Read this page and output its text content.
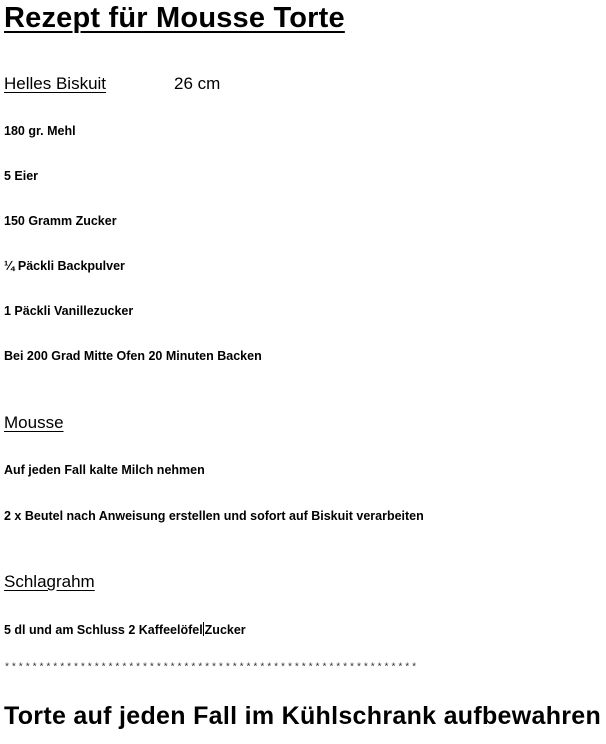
Rezept für Mousse Torte
Helles Biskuit	26 cm
180 gr. Mehl
5 Eier
150 Gramm Zucker
¼ Päckli Backpulver
1 Päckli Vanillezucker
Bei 200 Grad Mitte Ofen 20 Minuten Backen
Mousse
Auf jeden Fall kalte Milch nehmen
2 x Beutel nach Anweisung erstellen und sofort auf Biskuit verarbeiten
Schlagrahm
5 dl und am Schluss 2 Kaffeelöfel Zucker
************************************************************
Torte auf jeden Fall im Kühlschrank aufbewahren
